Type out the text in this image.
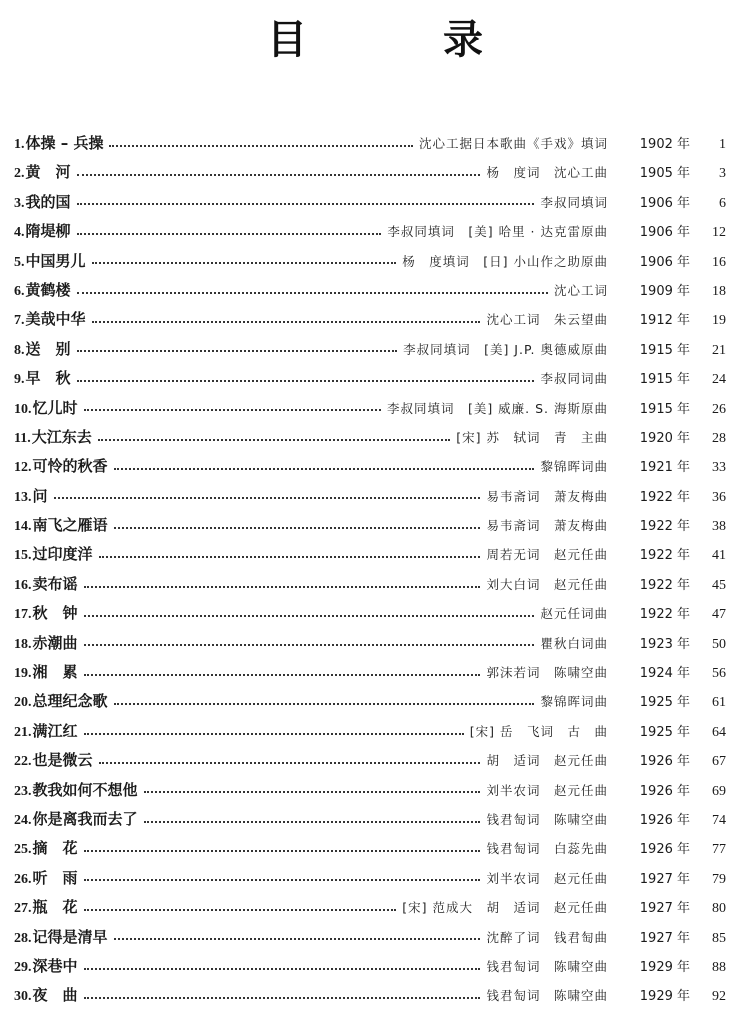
目　录
1. 体操 – 兵操	沈心工据日本歌曲《手戏》填词	1902 年	1
2. 黄　河	杨　度词　沈心工曲	1905 年	3
3. 我的国	李叔同填词	1906 年	6
4. 隋堤柳	李叔同填词　[美] 哈里 · 达克雷原曲	1906 年	12
5. 中国男儿	杨　度填词　[日] 小山作之助原曲	1906 年	16
6. 黄鹤楼	沈心工词	1909 年	18
7. 美哉中华	沈心工词　朱云望曲	1912 年	19
8. 送　别	李叔同填词　[美] J.P. 奥德威原曲	1915 年	21
9. 早　秋	李叔同词曲	1915 年	24
10. 忆儿时	李叔同填词　[美] 威廉. S. 海斯原曲	1915 年	26
11. 大江东去	[宋] 苏　轼词　青　主曲	1920 年	28
12. 可怜的秋香	黎锦晖词曲	1921 年	33
13. 问	易韦斋词　萧友梅曲	1922 年	36
14. 南飞之雁语	易韦斋词　萧友梅曲	1922 年	38
15. 过印度洋	周若无词　赵元任曲	1922 年	41
16. 卖布谣	刘大白词　赵元任曲	1922 年	45
17. 秋　钟	赵元任词曲	1922 年	47
18. 赤潮曲	瞿秋白词曲	1923 年	50
19. 湘　累	郭沫若词　陈啸空曲	1924 年	56
20. 总理纪念歌	黎锦晖词曲	1925 年	61
21. 满江红	[宋] 岳　飞词　古　曲	1925 年	64
22. 也是微云	胡　适词　赵元任曲	1926 年	67
23. 教我如何不想他	刘半农词　赵元任曲	1926 年	69
24. 你是离我而去了	钱君匋词　陈啸空曲	1926 年	74
25. 摘　花	钱君匋词　白蕊先曲	1926 年	77
26. 听　雨	刘半农词　赵元任曲	1927 年	79
27. 瓶　花	[宋] 范成大　胡　适词　赵元任曲	1927 年	80
28. 记得是清早	沈醉了词　钱君匋曲	1927 年	85
29. 深巷中	钱君匋词　陈啸空曲	1929 年	88
30. 夜　曲	钱君匋词　陈啸空曲	1929 年	92
